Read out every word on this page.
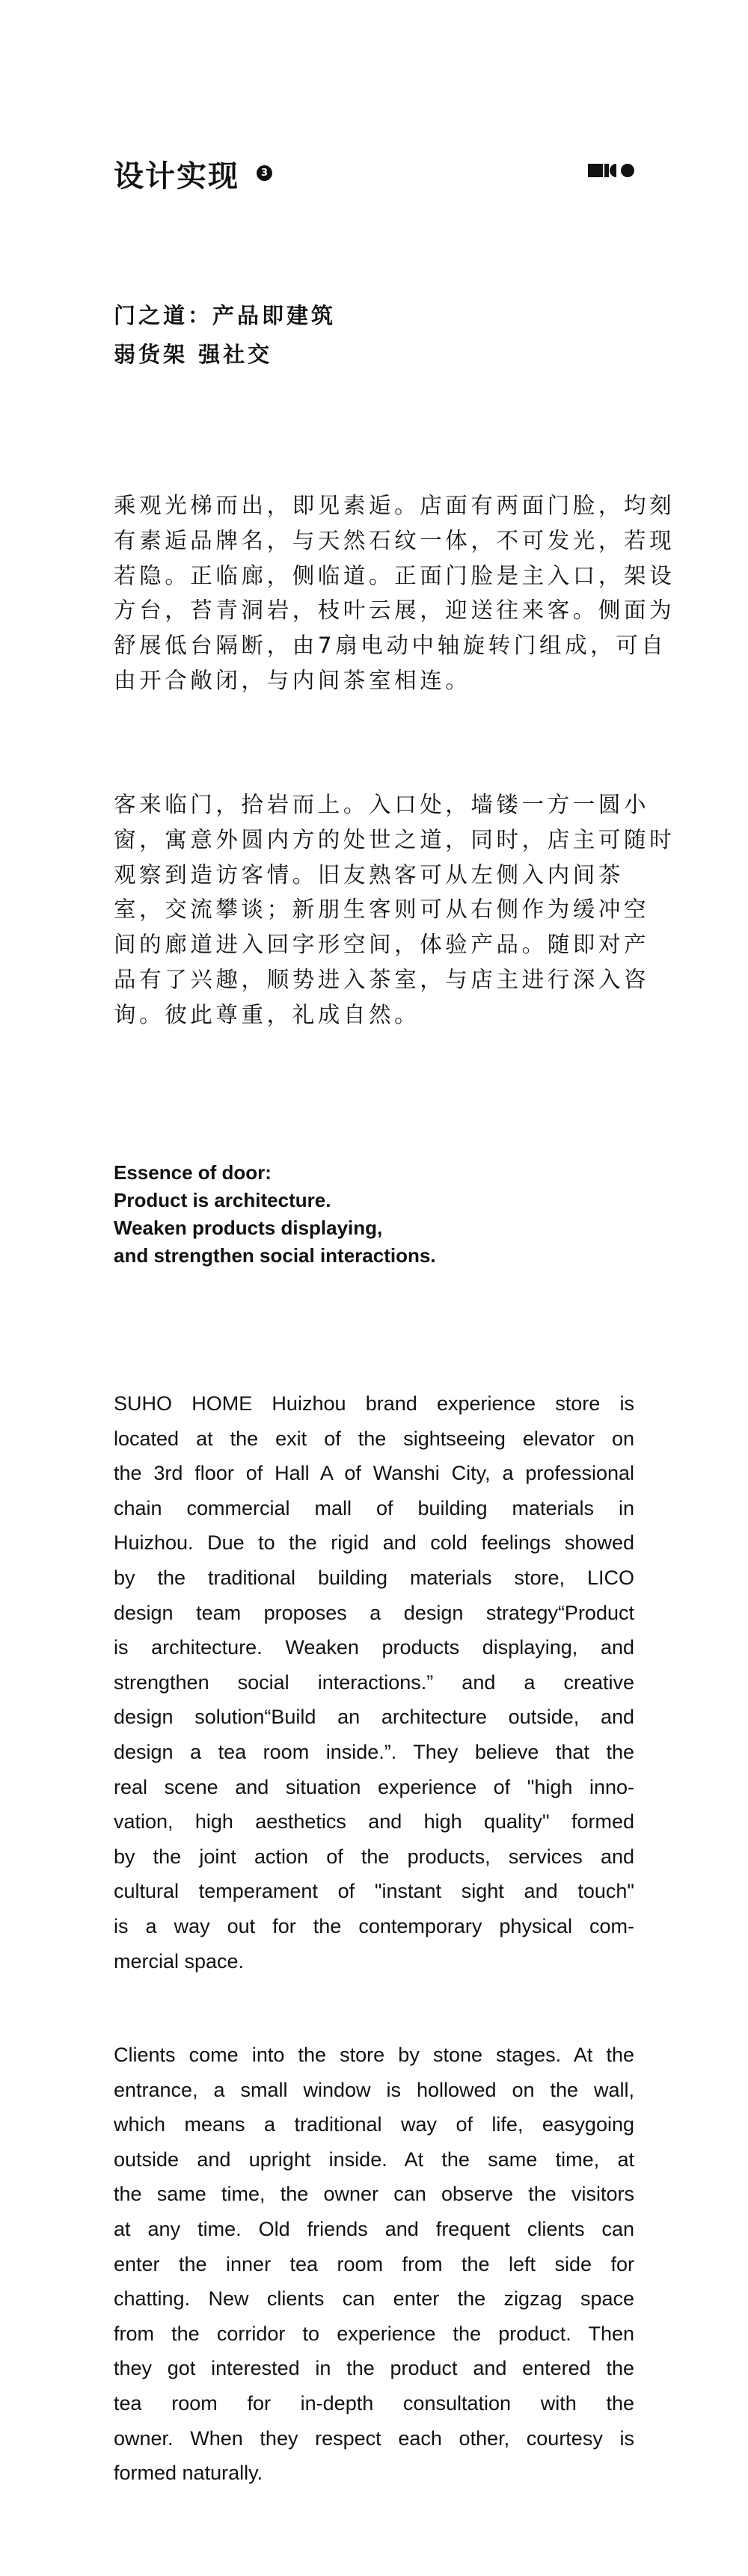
设计实现	3
门之道：产品即建筑
弱货架 强社交
乘观光梯而出，即见素逅。店面有两面门脸，均刻
有素逅品牌名，与天然石纹一体，不可发光，若现
若隐。正临廊，侧临道。正面门脸是主入口，架设
方台，苔青洞岩，枝叶云展，迎送往来客。侧面为
舒展低台隔断，由7扇电动中轴旋转门组成，可自
由开合敞闭，与内间茶室相连。
客来临门，拾岩而上。入口处，墙镂一方一圆小
窗，寓意外圆内方的处世之道，同时，店主可随时
观察到造访客情。旧友熟客可从左侧入内间茶
室，交流攀谈；新朋生客则可从右侧作为缓冲空
间的廊道进入回字形空间，体验产品。随即对产
品有了兴趣，顺势进入茶室，与店主进行深入咨
询。彼此尊重，礼成自然。
Essence of door:
Product is architecture.
Weaken products displaying,
and strengthen social interactions.
SUHO HOME Huizhou brand experience store is
located at the exit of the sightseeing elevator on
the 3rd floor of Hall A of Wanshi City, a professional
chain commercial mall of building materials in
Huizhou. Due to the rigid and cold feelings showed
by the traditional building materials store, LICO
design team proposes a design strategy“Product
is architecture. Weaken products displaying, and
strengthen social interactions.” and a creative
design solution“Build an architecture outside, and
design a tea room inside.”. They believe that the
real scene and situation experience of "high inno-
vation, high aesthetics and high quality" formed
by the joint action of the products, services and
cultural temperament of "instant sight and touch"
is a way out for the contemporary physical com-
mercial space.
Clients come into the store by stone stages. At the
entrance, a small window is hollowed on the wall,
which means a traditional way of life, easygoing
outside and upright inside. At the same time, at
the same time, the owner can observe the visitors
at any time. Old friends and frequent clients can
enter the inner tea room from the left side for
chatting. New clients can enter the zigzag space
from the corridor to experience the product. Then
they got interested in the product and entered the
tea room for in-depth consultation with the
owner. When they respect each other, courtesy is
formed naturally.
